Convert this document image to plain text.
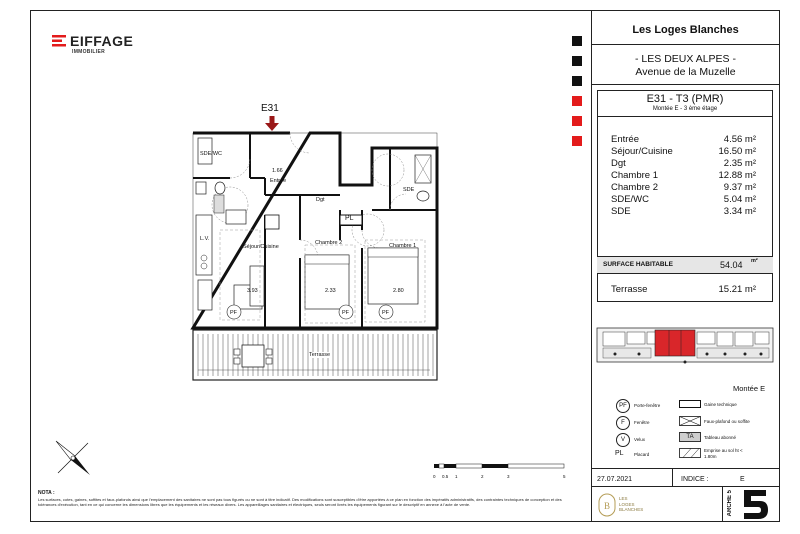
EIFFAGE
IMMOBILIER
Les Loges Blanches
- LES DEUX ALPES -
Avenue de la Muzelle
E31 - T3 (PMR)
Montée E - 3 ème étage
Entrée	4.56 m²
Séjour/Cuisine	16.50 m²
Dgt	2.35 m²
Chambre 1	12.88 m²
Chambre 2	9.37 m²
SDE/WC	5.04 m²
SDE	3.34 m²
SURFACE HABITABLE	54.04 m²
Terrasse	15.21 m²
Montée E
PF	Porte-fenêtre
F	Fenêtre
V	Velux
PL Placard
Gaine technique
Faux-plafond ou soffite
TA	Tableau abonné
Emprise au sol ht < 1.80m
27.07.2021	INDICE :	E
B
LES
LOGES
BLANCHES	ARCHE 5
NOTA :
Les surfaces, cotes, gaines, soffites et faux-plafonds ainsi que l'emplacement des sanitaires ne sont pas tous figurés ou ne sont à titre indicatif. Des modifications sont susceptibles d'être apportées à ce plan en fonction des impératifs administratifs, des contraintes techniques de conception et des tolérances d'exécution, tant en ce qui concerne les dimensions libres que les équipements et les réseaux divers. Les appareillages sanitaires et électriques, seuls seront livrés les équipements figurant sur le descriptif en annexe à l'acte de vente.
0 0.5 1	2	3	5
E31
SDE/WC
1.66
Entrée
Dgt
SDE
PL
L.V.
Séjour/Cuisine
Chambre 2	Chambre 1
3.93	2.33	2.80
PF	PF	PF
Terrasse
